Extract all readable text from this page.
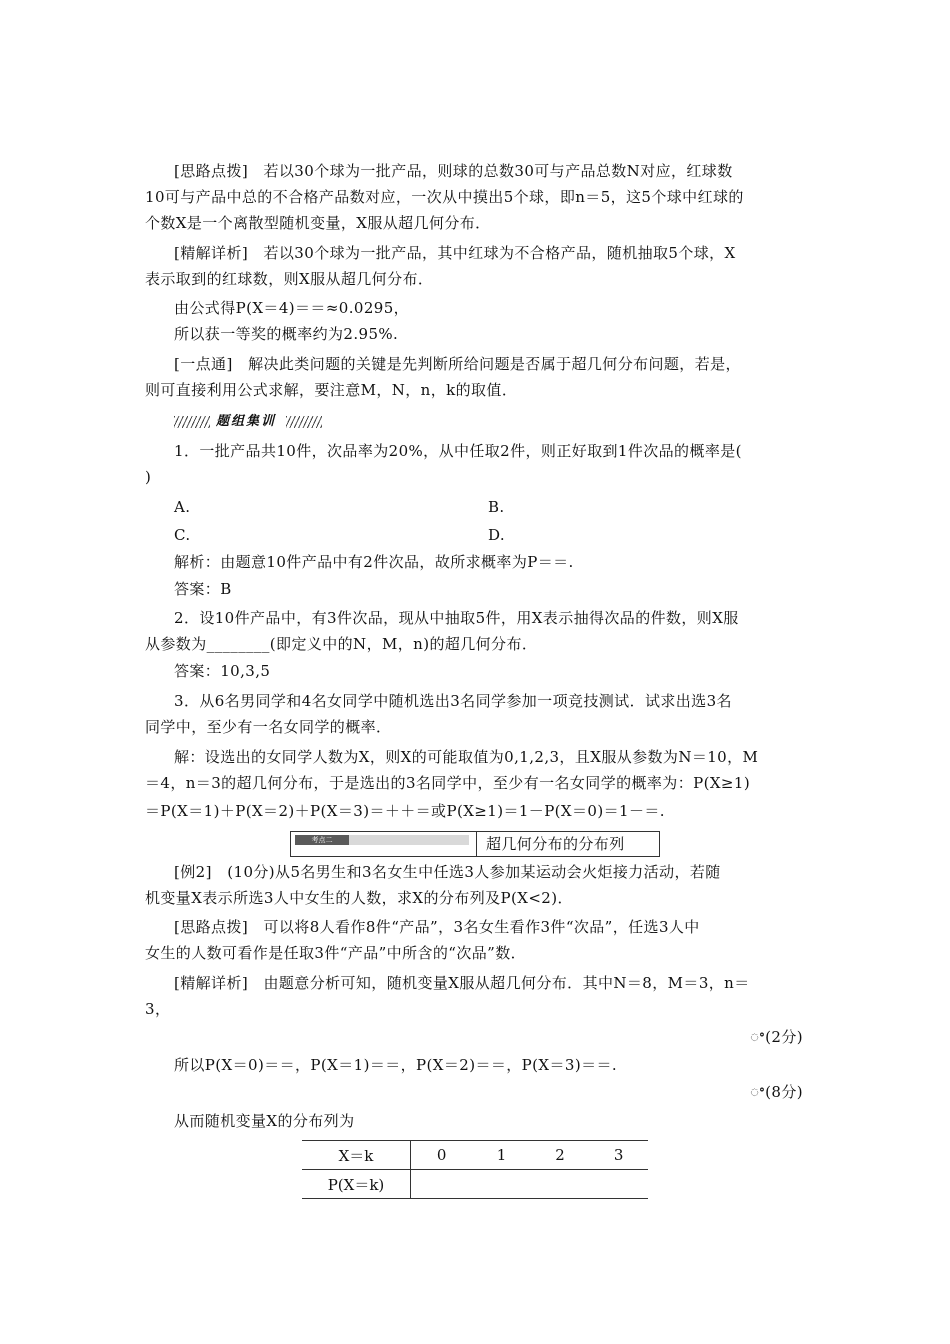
[思路点拨]　若以30个球为一批产品，则球的总数30可与产品总数N对应，红球数
10可与产品中总的不合格产品数对应，一次从中摸出5个球，即n＝5，这5个球中红球的
个数X是一个离散型随机变量，X服从超几何分布．
[精解详析]　若以30个球为一批产品，其中红球为不合格产品，随机抽取5个球，X
表示取到的红球数，则X服从超几何分布．
由公式得P(X＝4)＝＝≈0.0295，
所以获一等奖的概率约为2.95%.
[一点通]　解决此类问题的关键是先判断所给问题是否属于超几何分布问题，若是，
则可直接利用公式求解，要注意M，N，n，k的取值．
题组集训
1．一批产品共10件，次品率为20%，从中任取2件，则正好取到1件次品的概率是(
)
A.	B.
C.	D.
解析：由题意10件产品中有2件次品，故所求概率为P＝＝.
答案：B
2．设10件产品中，有3件次品，现从中抽取5件，用X表示抽得次品的件数，则X服
从参数为________(即定义中的N，M，n)的超几何分布．
答案：10,3,5
3．从6名男同学和4名女同学中随机选出3名同学参加一项竞技测试．试求出选3名
同学中，至少有一名女同学的概率．
解：设选出的女同学人数为X，则X的可能取值为0,1,2,3，且X服从参数为N＝10，M
＝4，n＝3的超几何分布，于是选出的3名同学中，至少有一名女同学的概率为：P(X≥1)
＝P(X＝1)＋P(X＝2)＋P(X＝3)＝＋＋＝或P(X≥1)＝1－P(X＝0)＝1－＝.
考点二	超几何分布的分布列
[例2]　(10分)从5名男生和3名女生中任选3人参加某运动会火炬接力活动，若随
机变量X表示所选3人中女生的人数，求X的分布列及P(X<2)．
[思路点拨]　可以将8人看作8件“产品”，3名女生看作3件“次品”，任选3人中
女生的人数可看作是任取3件“产品”中所含的“次品”数．
[精解详析]　由题意分析可知，随机变量X服从超几何分布．其中N＝8，M＝3，n＝
3，
ꢀ(2分)
所以P(X＝0)＝＝，P(X＝1)＝＝，P(X＝2)＝＝，P(X＝3)＝＝.
ꢀ(8分)
从而随机变量X的分布列为
X＝k	0	1	2	3
P(X＝k)				
